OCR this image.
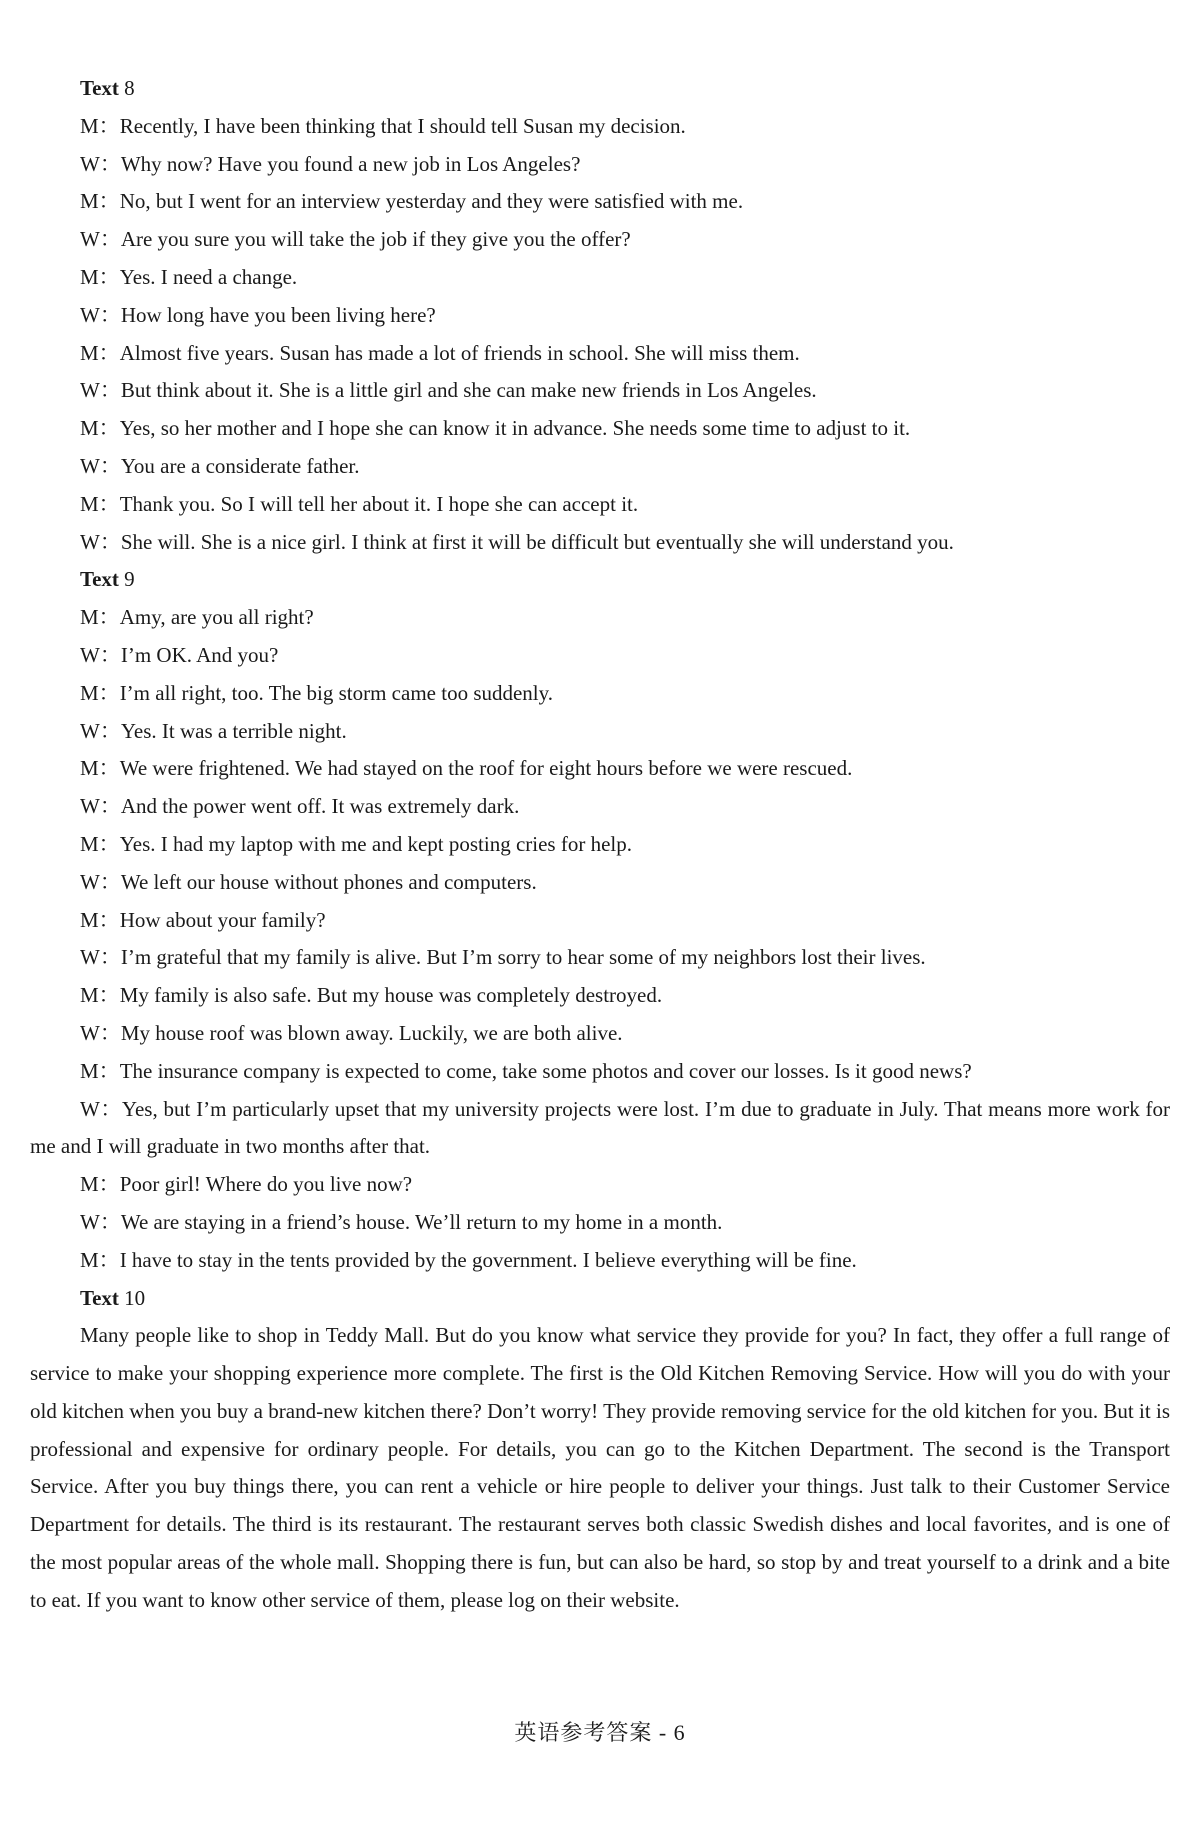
Text 8
M：Recently, I have been thinking that I should tell Susan my decision.
W：Why now? Have you found a new job in Los Angeles?
M：No, but I went for an interview yesterday and they were satisfied with me.
W：Are you sure you will take the job if they give you the offer?
M：Yes. I need a change.
W：How long have you been living here?
M：Almost five years. Susan has made a lot of friends in school. She will miss them.
W：But think about it. She is a little girl and she can make new friends in Los Angeles.
M：Yes, so her mother and I hope she can know it in advance. She needs some time to adjust to it.
W：You are a considerate father.
M：Thank you. So I will tell her about it. I hope she can accept it.
W：She will. She is a nice girl. I think at first it will be difficult but eventually she will understand you.
Text 9
M：Amy, are you all right?
W：I’m OK. And you?
M：I’m all right, too. The big storm came too suddenly.
W：Yes. It was a terrible night.
M：We were frightened. We had stayed on the roof for eight hours before we were rescued.
W：And the power went off. It was extremely dark.
M：Yes. I had my laptop with me and kept posting cries for help.
W：We left our house without phones and computers.
M：How about your family?
W：I’m grateful that my family is alive. But I’m sorry to hear some of my neighbors lost their lives.
M：My family is also safe. But my house was completely destroyed.
W：My house roof was blown away. Luckily, we are both alive.
M：The insurance company is expected to come, take some photos and cover our losses. Is it good news?
W：Yes, but I’m particularly upset that my university projects were lost. I’m due to graduate in July. That means more work for me and I will graduate in two months after that.
M：Poor girl! Where do you live now?
W：We are staying in a friend’s house. We’ll return to my home in a month.
M：I have to stay in the tents provided by the government. I believe everything will be fine.
Text 10
Many people like to shop in Teddy Mall. But do you know what service they provide for you? In fact, they offer a full range of service to make your shopping experience more complete. The first is the Old Kitchen Removing Service. How will you do with your old kitchen when you buy a brand-new kitchen there? Don’t worry! They provide removing service for the old kitchen for you. But it is professional and expensive for ordinary people. For details, you can go to the Kitchen Department. The second is the Transport Service. After you buy things there, you can rent a vehicle or hire people to deliver your things. Just talk to their Customer Service Department for details. The third is its restaurant. The restaurant serves both classic Swedish dishes and local favorites, and is one of the most popular areas of the whole mall. Shopping there is fun, but can also be hard, so stop by and treat yourself to a drink and a bite to eat. If you want to know other service of them, please log on their website.
英语参考答案 - 6
